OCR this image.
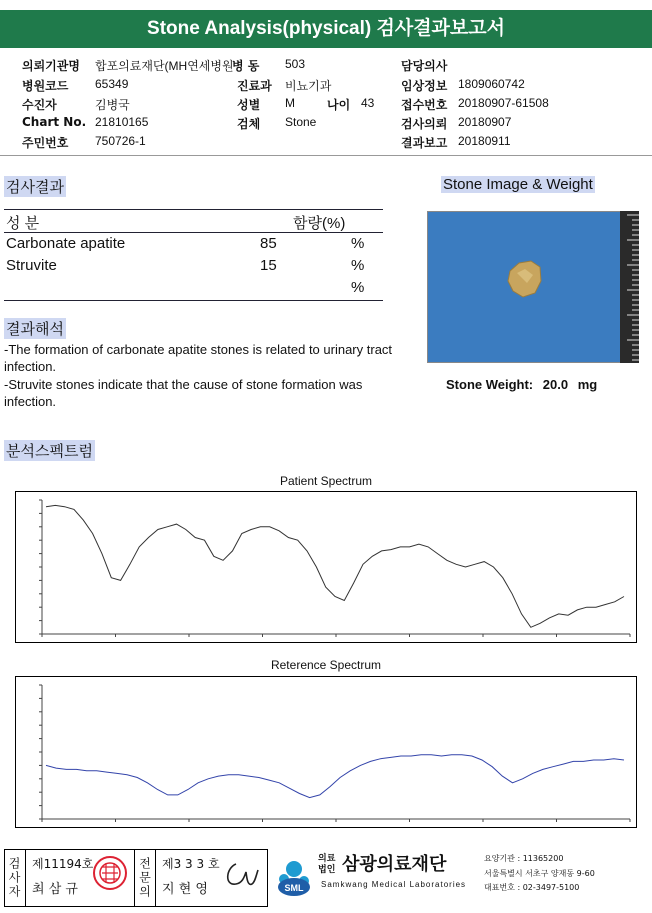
Stone Analysis(physical) 검사결과보고서
병 동 503
진료과 비뇨기과
성별 M	나이 43
검체 Stone
검사결과
성 분	함량(%)
Stone Image & Weight
Stone Weight: 20.0 mg
결과해석
-The formation of carbonate apatite stones is related to urinary tract infection.
-Struvite stones indicate that the cause of stone formation was infection.
분석스펙트럼
Patient Spectrum
Reterence Spectrum
검사자 제11194호
최 삼 규	전문의 제3 3 3 호
지 현 영	SML
의료 법인 삼광의료재단
Samkwang Medical Laboratories
요양기관 : 11365200
서울특별시 서초구 양재동 9-60
대표번호 : 02-3497-5100
의뢰기관명 합포의료재단(MH연세병원
병원코드 65349
수진자	김병국
Chart No. 21810165
주민번호 750726-1
담당의사
임상정보 1809060742
접수번호 20180907-61508
검사의뢰 20180907
결과보고 20180911
Carbonate apatite	85	%
Struvite	15	%
%
